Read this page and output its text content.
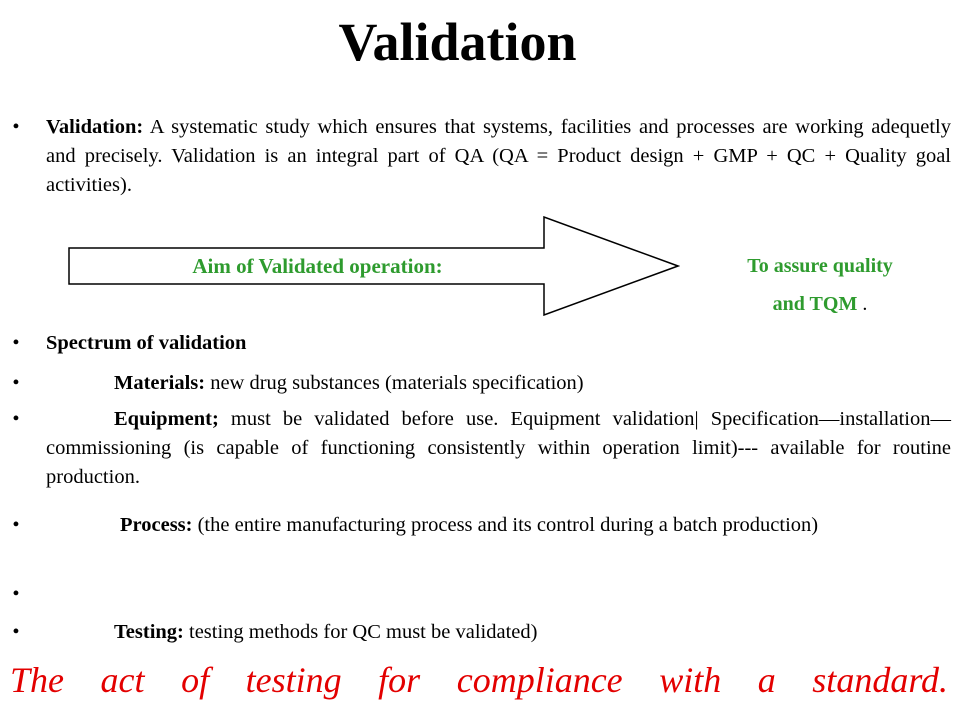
Validation
• Validation: A systematic study which ensures that systems, facilities and processes are working adequetly and precisely. Validation is an integral part of QA (QA = Product design + GMP + QC + Quality goal activities).
Aim of Validated operation:	To assure quality
and TQM .
• Spectrum of validation
•	Materials: new drug substances (materials specification)
•	Equipment; must be validated before use. Equipment validation| Specification—installation—commissioning (is capable of functioning consistently within operation limit)--- available for routine production.
•	Process: (the entire manufacturing process and its control during a batch production)
•
•	Testing: testing methods for QC must be validated)
The act of testing for compliance with a standard.
